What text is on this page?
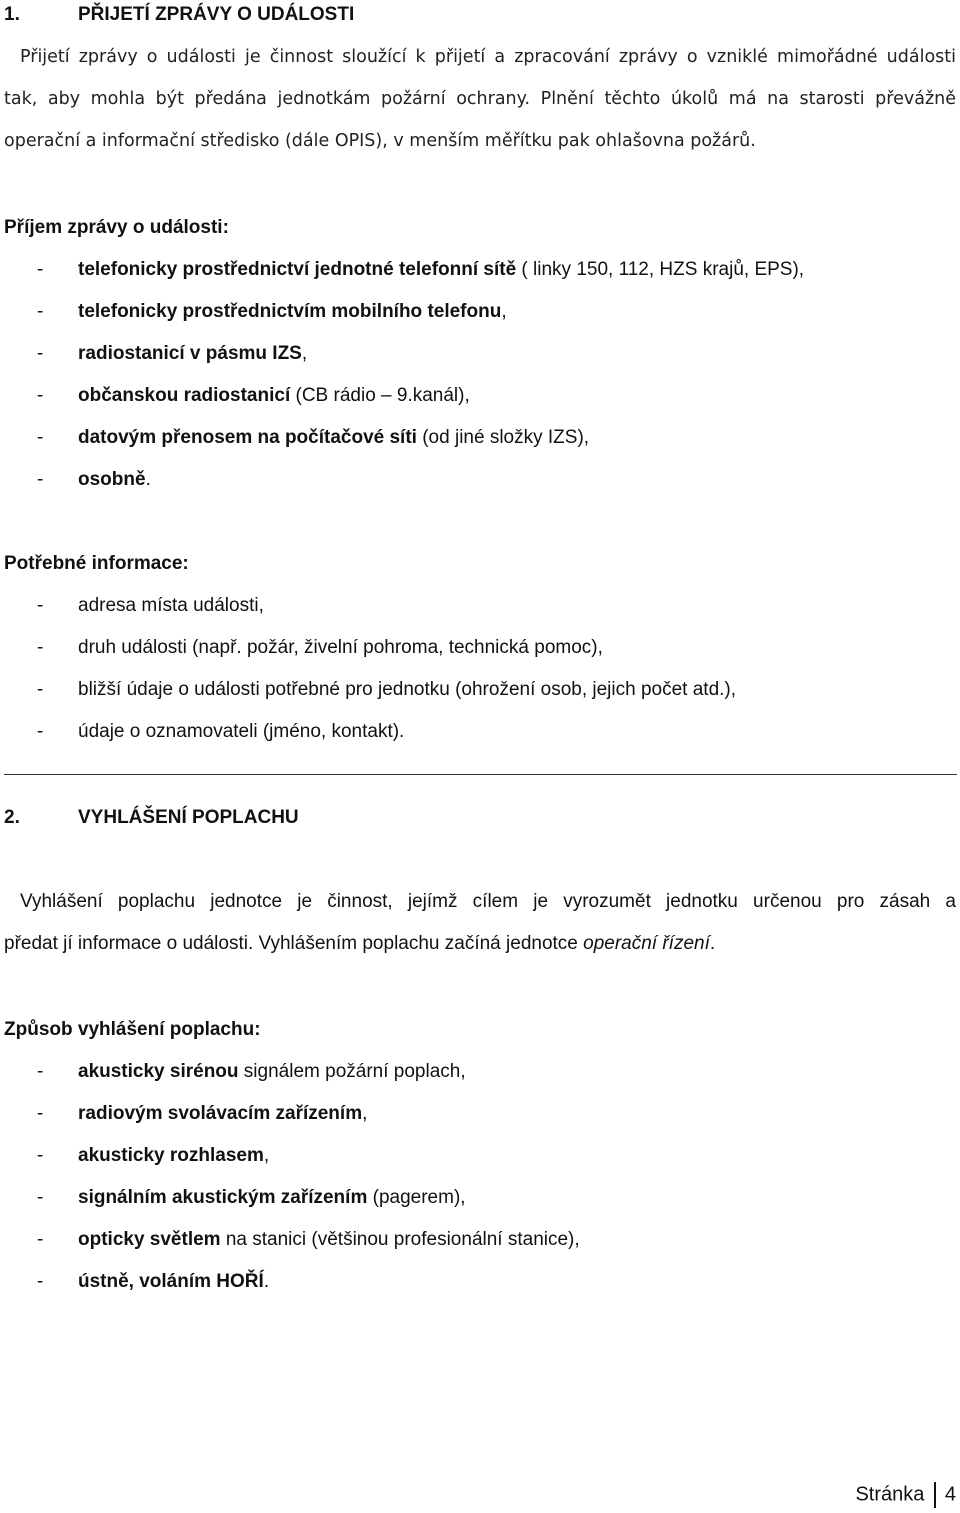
1.	PŘIJETÍ ZPRÁVY O UDÁLOSTI
Přijetí zprávy o události je činnost sloužící k přijetí a zpracování zprávy o vzniklé mimořádné události
tak, aby mohla být předána jednotkám požární ochrany. Plnění těchto úkolů má na starosti převážně
operační a informační středisko (dále OPIS), v menším měřítku pak ohlašovna požárů.
Příjem zprávy o události:
- telefonicky prostřednictví jednotné telefonní sítě ( linky 150, 112, HZS krajů, EPS),
- telefonicky prostřednictvím mobilního telefonu,
- radiostanicí v pásmu IZS,
- občanskou radiostanicí (CB rádio – 9.kanál),
- datovým přenosem na počítačové síti (od jiné složky IZS),
- osobně.
Potřebné informace:
- adresa místa události,
- druh události (např. požár, živelní pohroma, technická pomoc),
- bližší údaje o události potřebné pro jednotku (ohrožení osob, jejich počet atd.),
- údaje o oznamovateli (jméno, kontakt).
2.	VYHLÁŠENÍ POPLACHU
Vyhlášení poplachu jednotce je činnost, jejímž cílem je vyrozumět jednotku určenou pro zásah a
předat jí informace o události. Vyhlášením poplachu začíná jednotce operační řízení.
Způsob vyhlášení poplachu:
- akusticky sirénou signálem požární poplach,
- radiovým svolávacím zařízením,
- akusticky rozhlasem,
- signálním akustickým zařízením (pagerem),
- opticky světlem na stanici (většinou profesionální stanice),
- ústně, voláním HOŘÍ.
Stránka 4
